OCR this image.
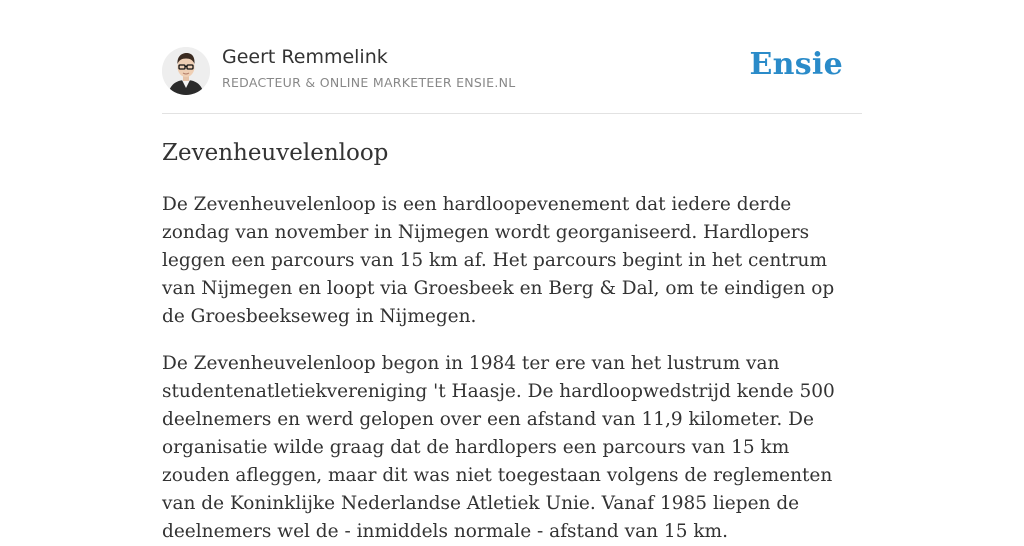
Geert Remmelink
REDACTEUR & ONLINE MARKETEER ENSIE.NL
Ensie
Zevenheuvelenloop

De Zevenheuvelenloop is een hardloopevenement dat iedere derde zondag van november in Nijmegen wordt georganiseerd. Hardlopers leggen een parcours van 15 km af. Het parcours begint in het centrum van Nijmegen en loopt via Groesbeek en Berg & Dal, om te eindigen op de Groesbeekseweg in Nijmegen.

De Zevenheuvelenloop begon in 1984 ter ere van het lustrum van studentenatletiekvereniging 't Haasje. De hardloopwedstrijd kende 500 deelnemers en werd gelopen over een afstand van 11,9 kilometer. De organisatie wilde graag dat de hardlopers een parcours van 15 km zouden afleggen, maar dit was niet toegestaan volgens de reglementen van de Koninklijke Nederlandse Atletiek Unie. Vanaf 1985 liepen de deelnemers wel de - inmiddels normale - afstand van 15 km.
